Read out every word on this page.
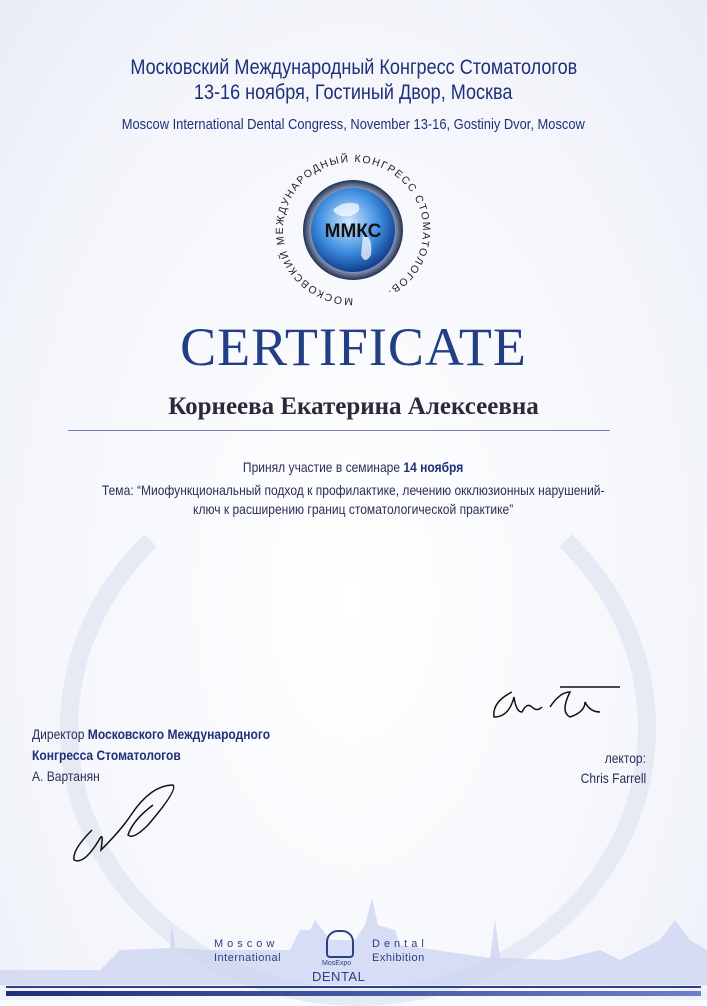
Московский Международный Конгресс Стоматологов
13-16 ноября, Гостиный Двор, Москва
Moscow International Dental Congress, November 13-16, Gostiniy Dvor, Moscow
ММКС
МОСКОВСКИЙ МЕЖДУНАРОДНЫЙ КОНГРЕСС СТОМАТОЛОГОВ·
CERTIFICATE
Корнеева Екатерина Алексеевна
Принял участие в семинаре 14 ноября
Тема: “Миофункциональный подход к профилактике, лечению окклюзионных нарушений-
ключ к расширению границ стоматологической практике”
Директор Московского Международного
Конгресса Стоматологов
А. Вартанян
лектор:
Chris Farrell
Moscow
International
Dental
Exhibition
MosExpo
DENTAL
